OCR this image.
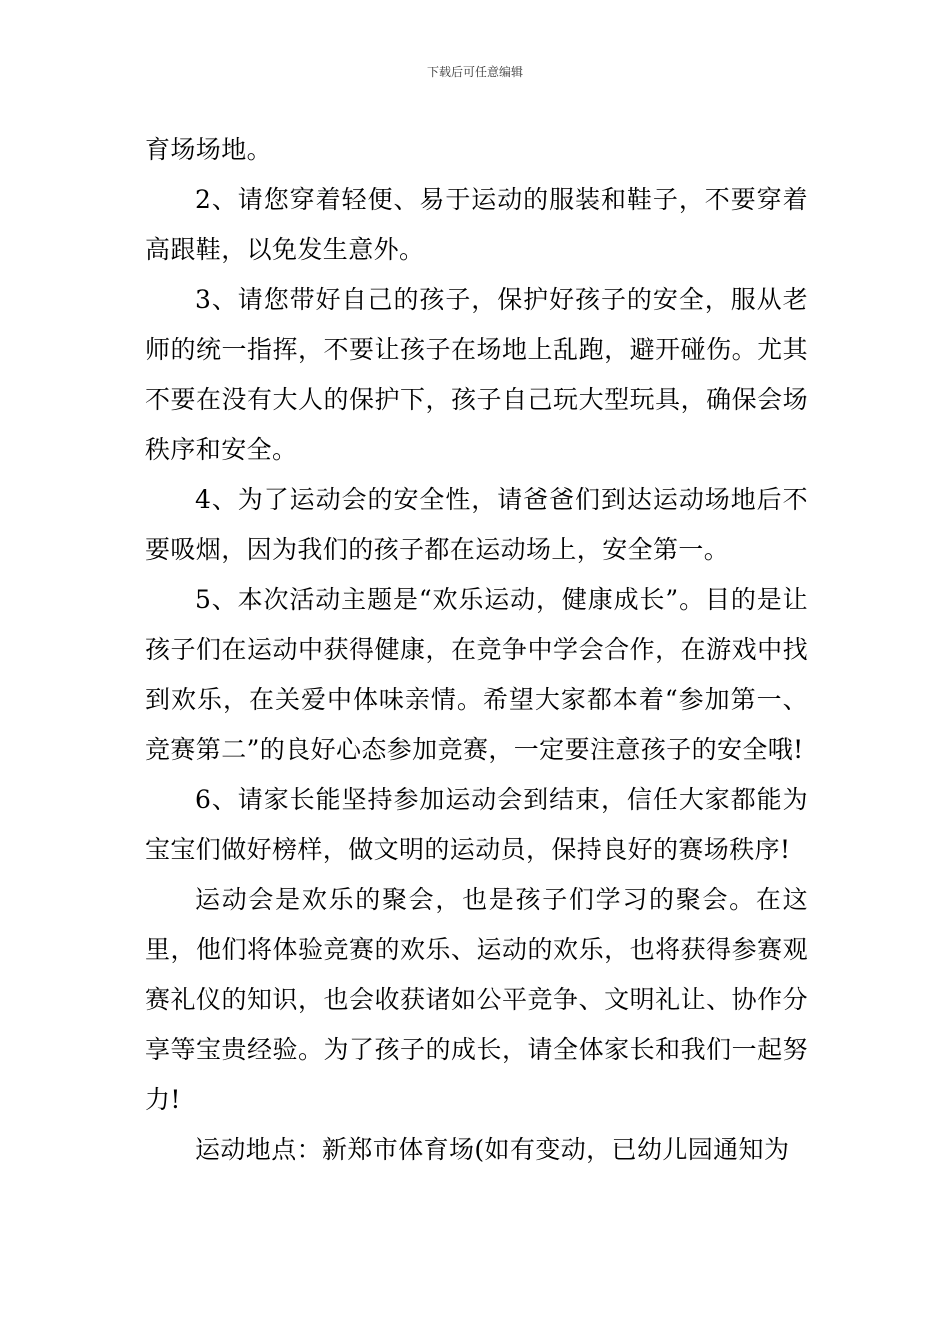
下载后可任意编辑

育场场地。

2、请您穿着轻便、易于运动的服装和鞋子，不要穿着高跟鞋，以免发生意外。

3、请您带好自己的孩子，保护好孩子的安全，服从老师的统一指挥，不要让孩子在场地上乱跑，避开碰伤。尤其不要在没有大人的保护下，孩子自己玩大型玩具，确保会场秩序和安全。

4、为了运动会的安全性，请爸爸们到达运动场地后不要吸烟，因为我们的孩子都在运动场上，安全第一。

5、本次活动主题是“欢乐运动，健康成长”。目的是让孩子们在运动中获得健康，在竞争中学会合作，在游戏中找到欢乐，在关爱中体味亲情。希望大家都本着“参加第一、竞赛第二”的良好心态参加竞赛，一定要注意孩子的安全哦!

6、请家长能坚持参加运动会到结束，信任大家都能为宝宝们做好榜样，做文明的运动员，保持良好的赛场秩序!

运动会是欢乐的聚会，也是孩子们学习的聚会。在这里，他们将体验竞赛的欢乐、运动的欢乐，也将获得参赛观赛礼仪的知识，也会收获诸如公平竞争、文明礼让、协作分享等宝贵经验。为了孩子的成长，请全体家长和我们一起努力!

运动地点：新郑市体育场(如有变动，已幼儿园通知为
